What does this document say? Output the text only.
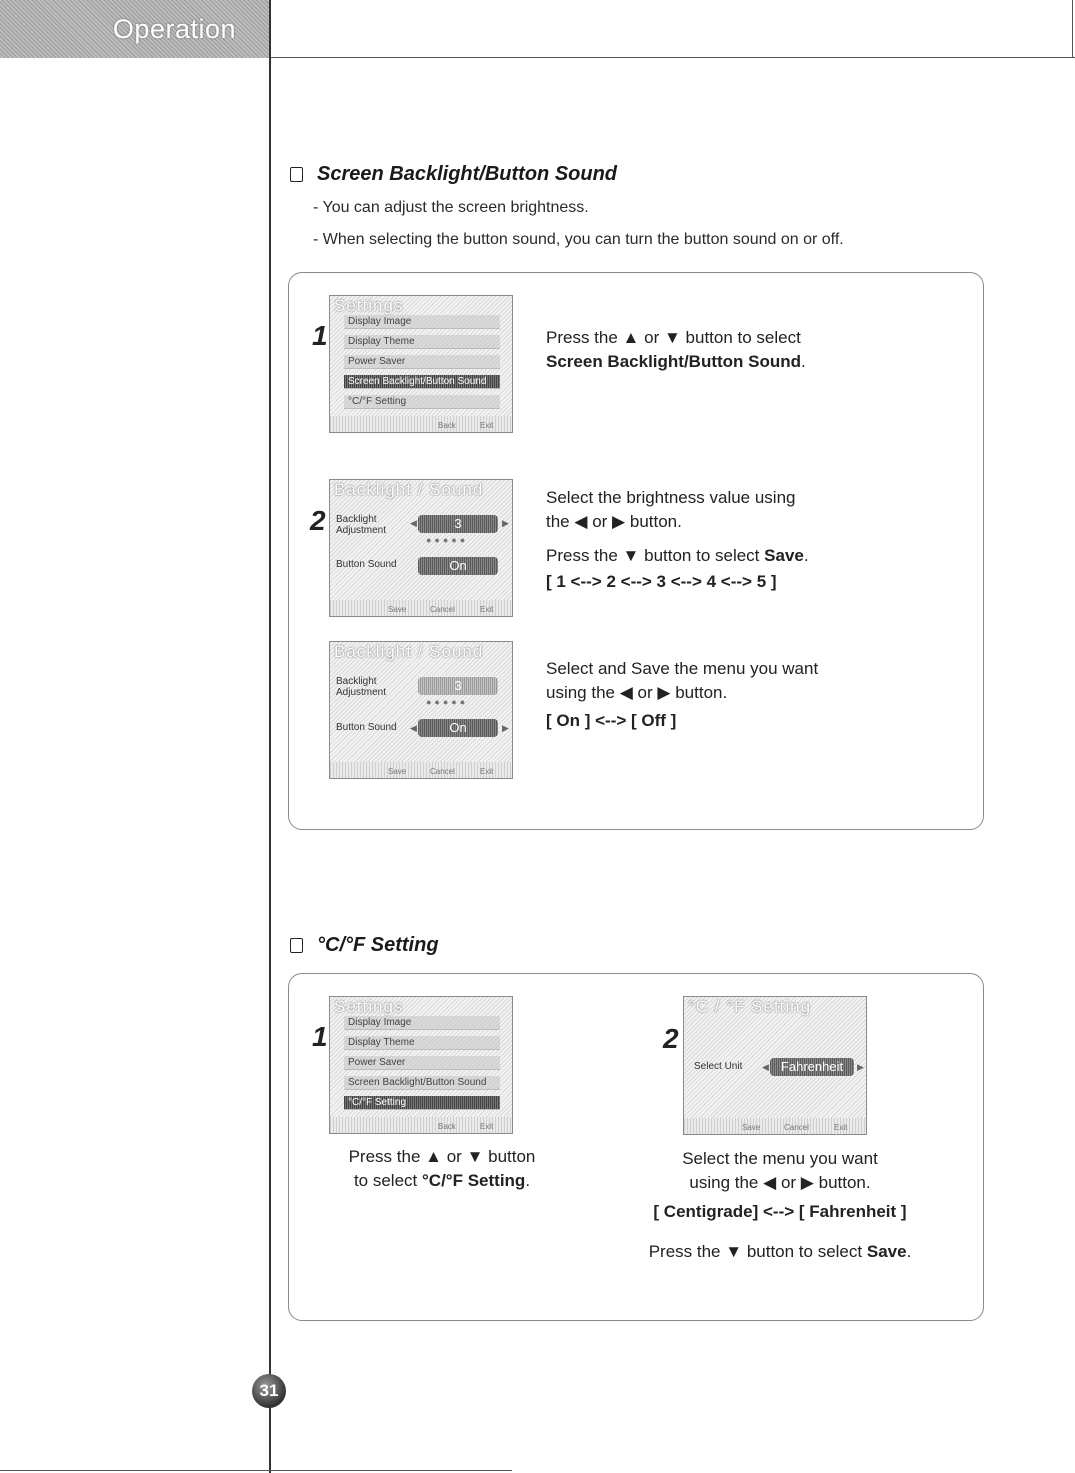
Operation
Screen Backlight/Button Sound
- You can adjust the screen brightness.
- When selecting the button sound, you can turn the button sound on or off.
1
Settings
Display Image
Display Theme
Power Saver
Screen Backlight/Button Sound
°C/°F Setting
Back	Exit
Press the ▲ or ▼ button to select
Screen Backlight/Button Sound.
2
Backlight / Sound
Backlight Adjustment
◀	3	▶
●●●●●
Button Sound	On
Save	Cancel	Exit
Select the brightness value using
the ◀ or ▶ button.
Press the ▼ button to select Save.
[ 1 <--> 2 <--> 3 <--> 4 <--> 5 ]
Backlight / Sound
Backlight Adjustment	3
●●●●●
Button Sound ◀	On	▶
Save	Cancel	Exit
Select and Save the menu you want
using the ◀ or ▶ button.
[ On ] <--> [ Off ]
°C/°F Setting
1
Settings
Display Image
Display Theme
Power Saver
Screen Backlight/Button Sound
°C/°F Setting
Back	Exit
Press the ▲ or ▼ button
to select °C/°F Setting.
2
°C / °F Setting
Select Unit ◀ Fahrenheit	▶
Save	Cancel	Exit
Select the menu you want
using the ◀ or ▶ button.
[ Centigrade] <--> [ Fahrenheit ]
Press the ▼ button to select Save.
31
